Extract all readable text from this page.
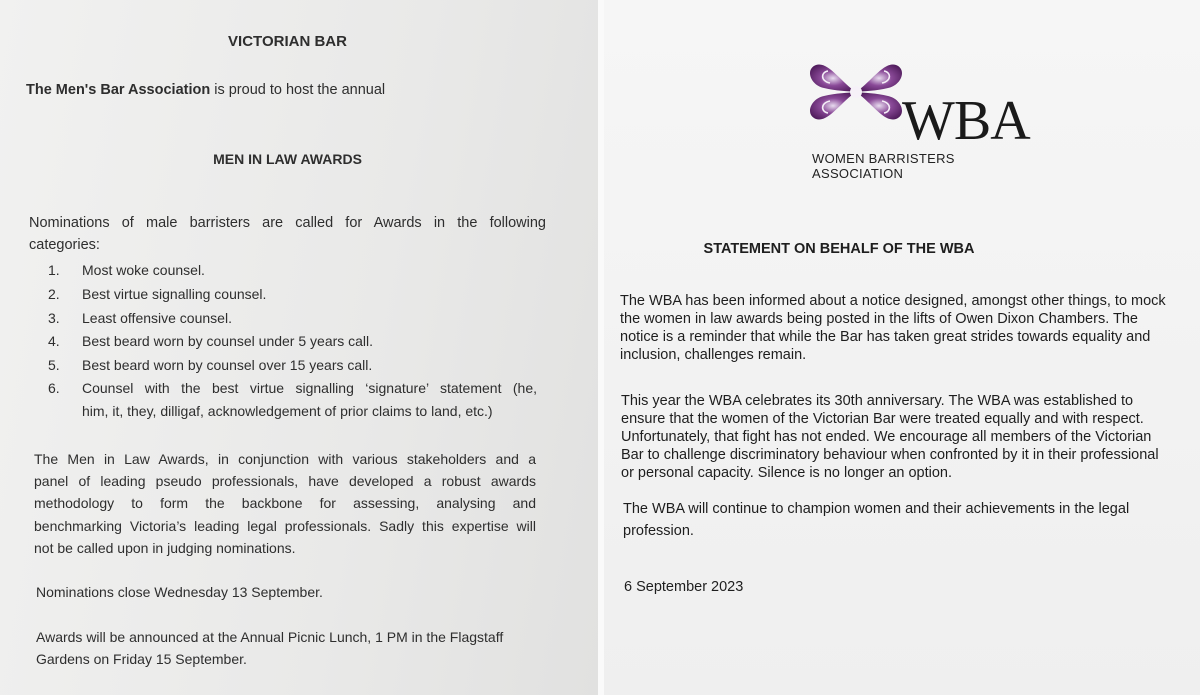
VICTORIAN BAR
The Men's Bar Association is proud to host the annual
MEN IN LAW AWARDS
Nominations of male barristers are called for Awards in the following
categories:
1. Most woke counsel.
2. Best virtue signalling counsel.
3. Least offensive counsel.
4. Best beard worn by counsel under 5 years call.
5. Best beard worn by counsel over 15 years call.
6. Counsel with the best virtue signalling ‘signature’ statement (he,
him, it, they, dilligaf, acknowledgement of prior claims to land, etc.)
The Men in Law Awards, in conjunction with various stakeholders and a
panel of leading pseudo professionals, have developed a robust awards
methodology to form the backbone for assessing, analysing and
benchmarking Victoria’s leading legal professionals. Sadly this expertise will
not be called upon in judging nominations.
Nominations close Wednesday 13 September.
Awards will be announced at the Annual Picnic Lunch, 1 PM in the Flagstaff
Gardens on Friday 15 September.
WBA
WOMEN BARRISTERS ASSOCIATION
STATEMENT ON BEHALF OF THE WBA
The WBA has been informed about a notice designed, amongst other things, to mock
the women in law awards being posted in the lifts of Owen Dixon Chambers. The
notice is a reminder that while the Bar has taken great strides towards equality and
inclusion, challenges remain.
This year the WBA celebrates its 30th anniversary. The WBA was established to
ensure that the women of the Victorian Bar were treated equally and with respect.
Unfortunately, that fight has not ended. We encourage all members of the Victorian
Bar to challenge discriminatory behaviour when confronted by it in their professional
or personal capacity. Silence is no longer an option.
The WBA will continue to champion women and their achievements in the legal
profession.
6 September 2023
